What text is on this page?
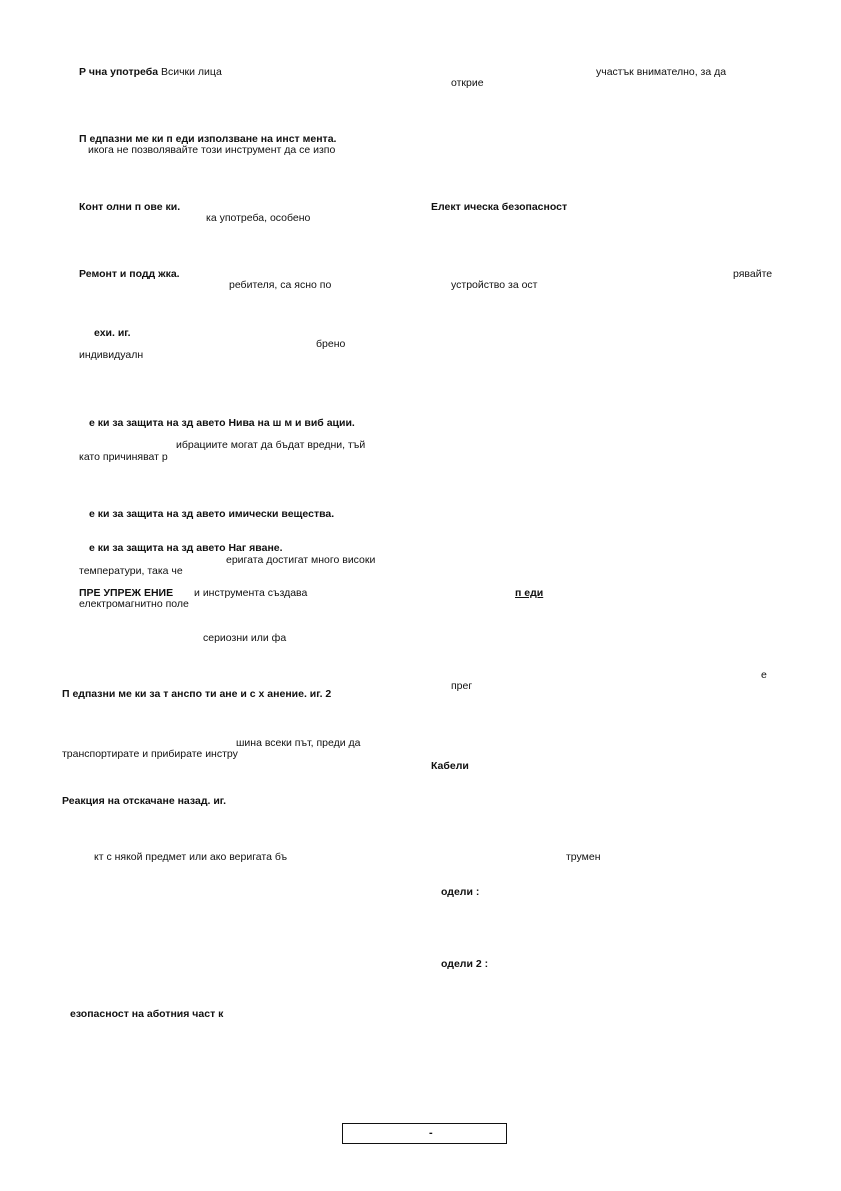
Р чна употреба Всички лица
П едпазни ме ки п еди използване на инст мента.
икога не позволявайте този инструмент да се изпо
Конт олни п ове ки.
ка употреба, особено
Ремонт и подд жка.
ребителя, са ясно по
ехи. иг.
брено
индивидуалн
е ки за защита на зд авето Нива на ш м и виб ации.
ибрациите могат да бъдат вредни, тъй
като причиняват р
е ки за защита на зд авето имически вещества.
е ки за защита на зд авето Наг яване.
еригата достигат много високи
температури, така че
ПРЕ УПРЕЖ ЕНИЕ и инструмента създава
електромагнитно поле
сериозни или фа
П едпазни ме ки за т анспо ти ане и с х анение. иг. 2
шина всеки път, преди да
транспортирате и прибирате инстру
Реакция на отскачане назад. иг.
кт с някой предмет или ако веригата бъ
езопасност на аботния част к
участък внимателно, за да
открие
Елект ическа безопасност
рявайте
устройство за ост
п еди
е
прег
Кабели
трумен
одели :
одели 2 :
-
